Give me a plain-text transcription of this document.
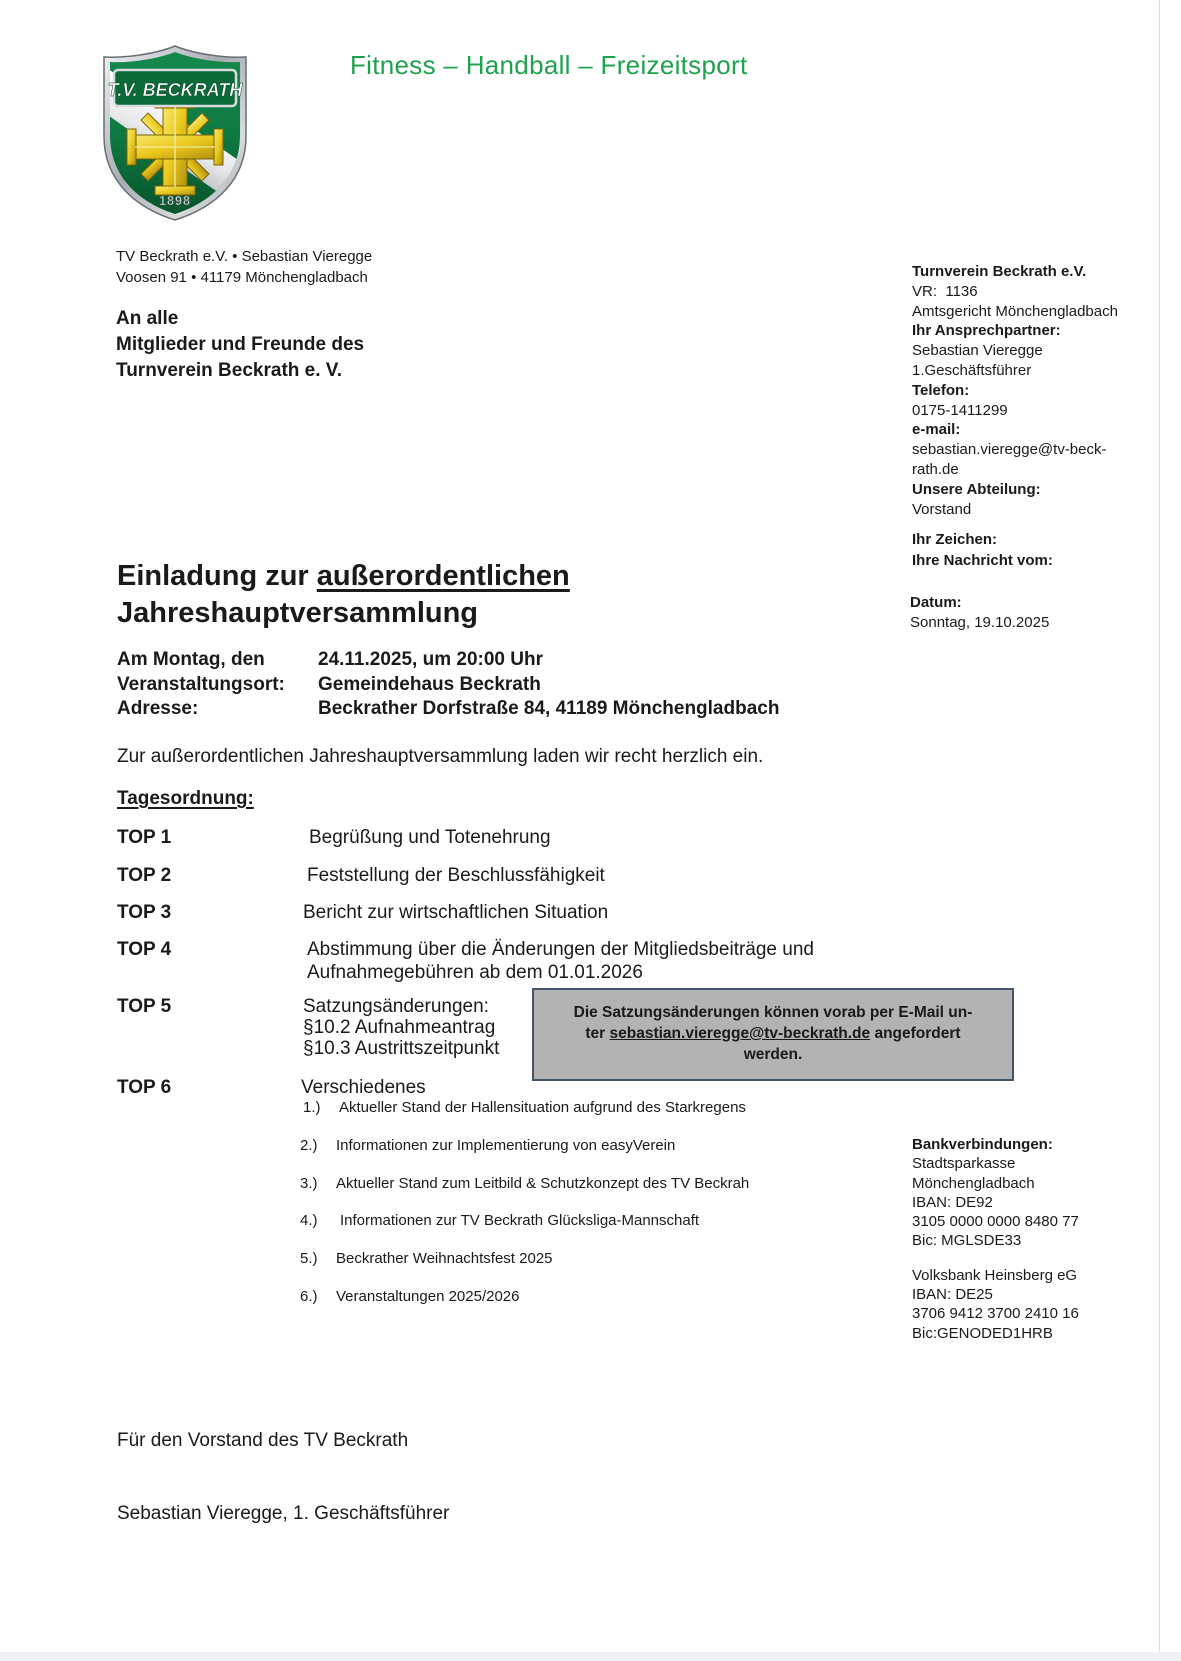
T.V. BECKRATH
1898
Fitness – Handball – Freizeitsport
TV Beckrath e.V. • Sebastian Vieregge
Voosen 91 • 41179 Mönchengladbach
An alle
Mitglieder und Freunde des
Turnverein Beckrath e. V.
Turnverein Beckrath e.V.
VR:  1136
Amtsgericht Mönchengladbach
Ihr Ansprechpartner:
Sebastian Vieregge
1.Geschäftsführer
Telefon:
0175-1411299
e-mail:
sebastian.vieregge@tv-beck-
rath.de
Unsere Abteilung:
Vorstand
Ihr Zeichen:
Ihre Nachricht vom:
Datum:
Sonntag, 19.10.2025
Einladung zur außerordentlichen
Jahreshauptversammlung
Am Montag, den	24.11.2025, um 20:00 Uhr
Veranstaltungsort:	Gemeindehaus Beckrath
Adresse:	Beckrather Dorfstraße 84, 41189 Mönchengladbach
Zur außerordentlichen Jahreshauptversammlung laden wir recht herzlich ein.
Tagesordnung:
TOP 1	Begrüßung und Totenehrung
TOP 2	Feststellung der Beschlussfähigkeit
TOP 3	Bericht zur wirtschaftlichen Situation
TOP 4	Abstimmung über die Änderungen der Mitgliedsbeiträge und Aufnahmegebühren ab dem 01.01.2026
TOP 5	Satzungsänderungen:
§10.2 Aufnahmeantrag
§10.3 Austrittszeitpunkt
TOP 6	Verschiedenes
Die Satzungsänderungen können vorab per E-Mail un-
ter sebastian.vieregge@tv-beckrath.de angefordert
werden.
1.)	Aktueller Stand der Hallensituation aufgrund des Starkregens
2.)	Informationen zur Implementierung von easyVerein
3.)	Aktueller Stand zum Leitbild & Schutzkonzept des TV Beckrah
4.)	Informationen zur TV Beckrath Glücksliga-Mannschaft
5.)	Beckrather Weihnachtsfest 2025
6.)	Veranstaltungen 2025/2026
Bankverbindungen:
Stadtsparkasse
Mönchengladbach
IBAN: DE92
3105 0000 0000 8480 77
Bic: MGLSDE33
Volksbank Heinsberg eG
IBAN: DE25
3706 9412 3700 2410 16
Bic:GENODED1HRB
Für den Vorstand des TV Beckrath
Sebastian Vieregge, 1. Geschäftsführer
